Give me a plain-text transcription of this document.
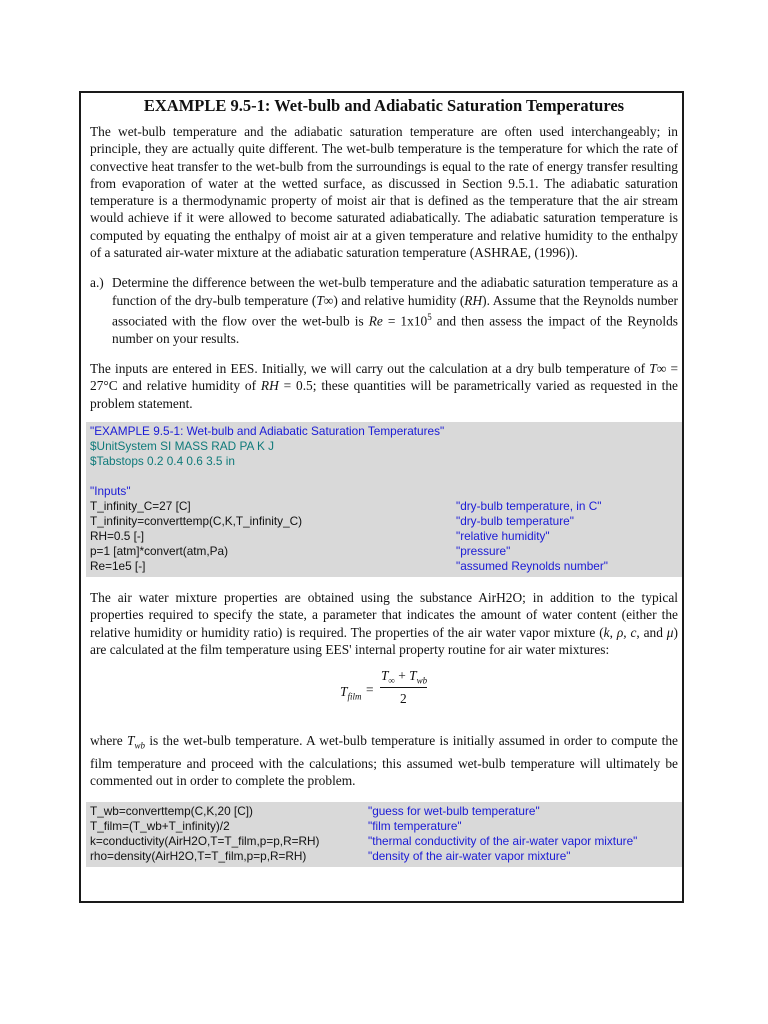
EXAMPLE 9.5-1: Wet-bulb and Adiabatic Saturation Temperatures

The wet-bulb temperature and the adiabatic saturation temperature are often used interchangeably; in principle, they are actually quite different. The wet-bulb temperature is the temperature for which the rate of convective heat transfer to the wet-bulb from the surroundings is equal to the rate of energy transfer resulting from evaporation of water at the wetted surface, as discussed in Section 9.5.1. The adiabatic saturation temperature is a thermodynamic property of moist air that is defined as the temperature that the air stream would achieve if it were allowed to become saturated adiabatically. The adiabatic saturation temperature is computed by equating the enthalpy of moist air at a given temperature and relative humidity to the enthalpy of a saturated air-water mixture at the adiabatic saturation temperature (ASHRAE, (1996)).

a.) Determine the difference between the wet-bulb temperature and the adiabatic saturation temperature as a function of the dry-bulb temperature (T∞) and relative humidity (RH). Assume that the Reynolds number associated with the flow over the wet-bulb is $Re = 1x10^5$ and then assess the impact of the Reynolds number on your results.

The inputs are entered in EES. Initially, we will carry out the calculation at a dry bulb temperature of T∞ = 27°C and relative humidity of RH = 0.5; these quantities will be parametrically varied as requested in the problem statement.

"EXAMPLE 9.5-1: Wet-bulb and Adiabatic Saturation Temperatures"
$UnitSystem SI MASS RAD PA K J
$Tabstops 0.2 0.4 0.6 3.5 in
"Inputs"
T_infinity_C=27 [C]	"dry-bulb temperature, in C"
T_infinity=converttemp(C,K,T_infinity_C)	"dry-bulb temperature"
RH=0.5 [-]	"relative humidity"
p=1 [atm]*convert(atm,Pa)	"pressure"
Re=1e5 [-]	"assumed Reynolds number"

The air water mixture properties are obtained using the substance AirH2O; in addition to the typical properties required to specify the state, a parameter that indicates the amount of water content (either the relative humidity or humidity ratio) is required. The properties of the air water vapor mixture (k, ρ, c, and μ) are calculated at the film temperature using EES' internal property routine for air water mixtures:

$T_{film}$ =
$T_\infty + T_{wb}$
2

where $T_{wb}$ is the wet-bulb temperature. A wet-bulb temperature is initially assumed in order to compute the film temperature and proceed with the calculations; this assumed wet-bulb temperature will ultimately be commented out in order to complete the problem.

T_wb=converttemp(C,K,20 [C])	"guess for wet-bulb temperature"
T_film=(T_wb+T_infinity)/2	"film temperature"
k=conductivity(AirH2O,T=T_film,p=p,R=RH)	"thermal conductivity of the air-water vapor mixture"
rho=density(AirH2O,T=T_film,p=p,R=RH)	"density of the air-water vapor mixture"
